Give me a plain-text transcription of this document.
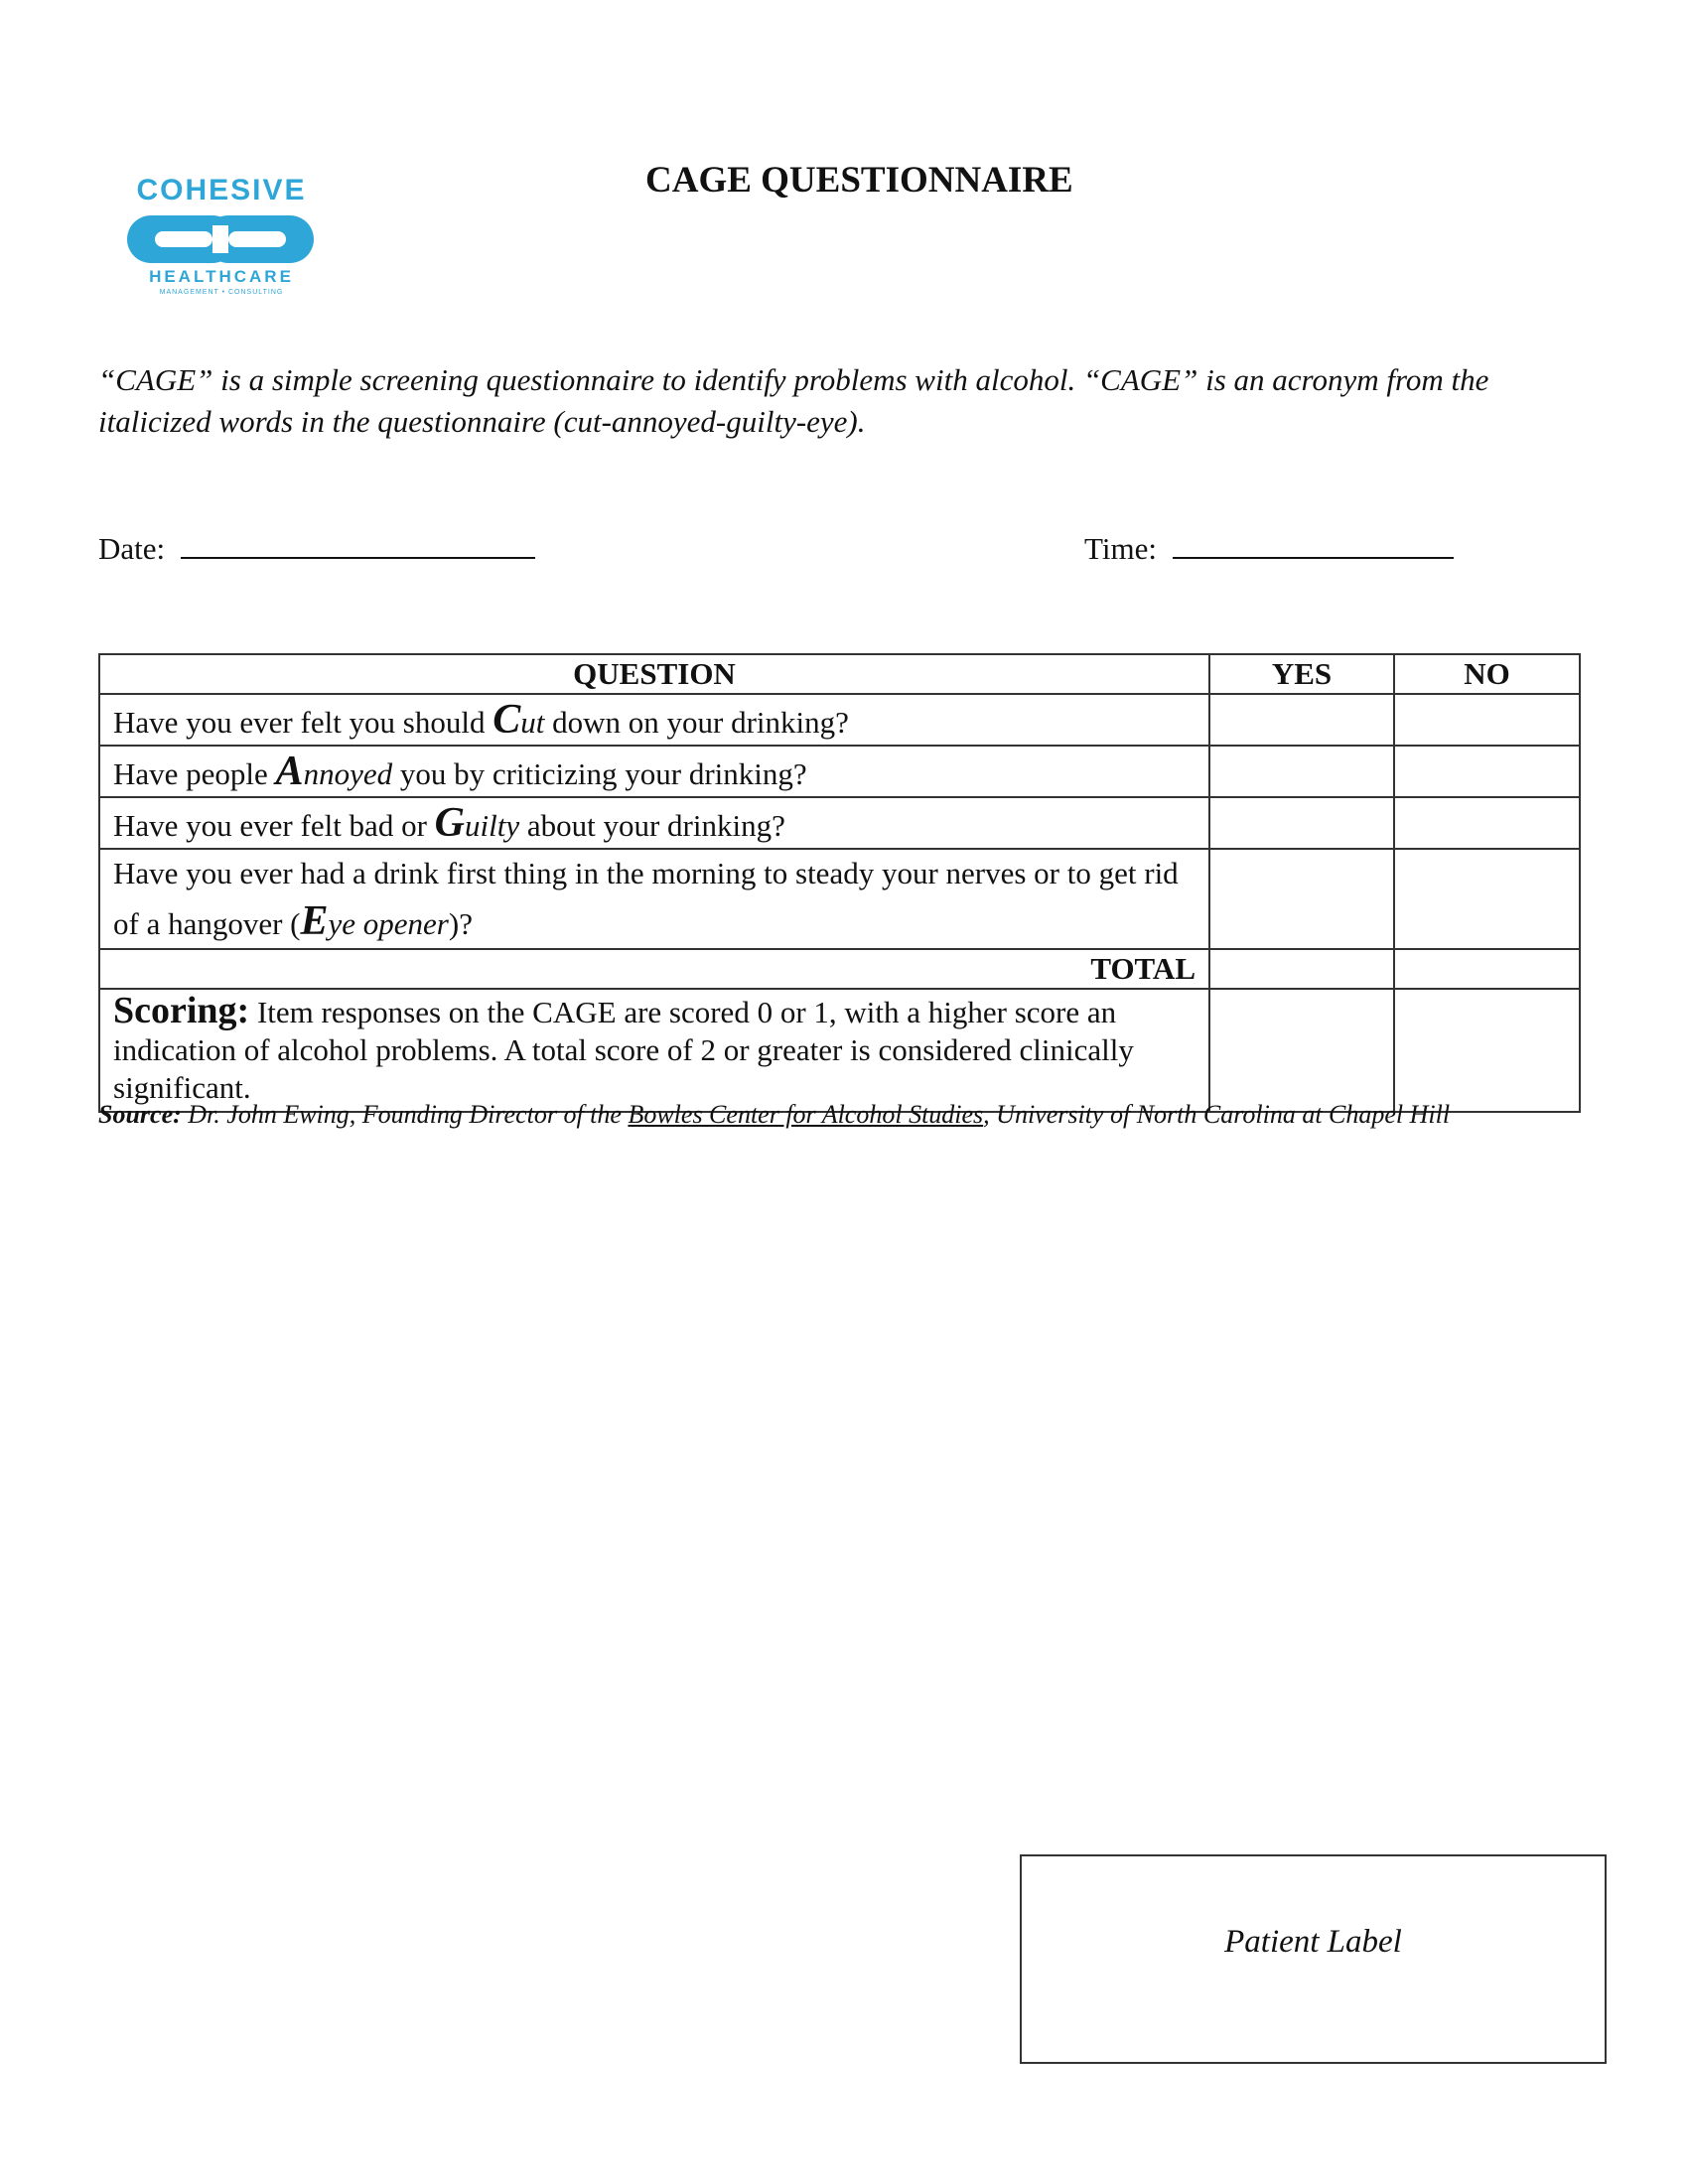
COHESIVE
HEALTHCARE
MANAGEMENT • CONSULTING
CAGE QUESTIONNAIRE
“CAGE” is a simple screening questionnaire to identify problems with alcohol. “CAGE” is an acronym from the italicized words in the questionnaire (cut-annoyed-guilty-eye).
Date:	Time:
QUESTION	YES	NO
Have you ever felt you should Cut down on your drinking?		
Have people Annoyed you by criticizing your drinking?		
Have you ever felt bad or Guilty about your drinking?		
Have you ever had a drink first thing in the morning to steady your nerves or to get rid of a hangover (Eye opener)?		
TOTAL		
Scoring: Item responses on the CAGE are scored 0 or 1, with a higher score an indication of alcohol problems. A total score of 2 or greater is considered clinically significant.		
Source: Dr. John Ewing, Founding Director of the Bowles Center for Alcohol Studies, University of North Carolina at Chapel Hill
Patient Label
